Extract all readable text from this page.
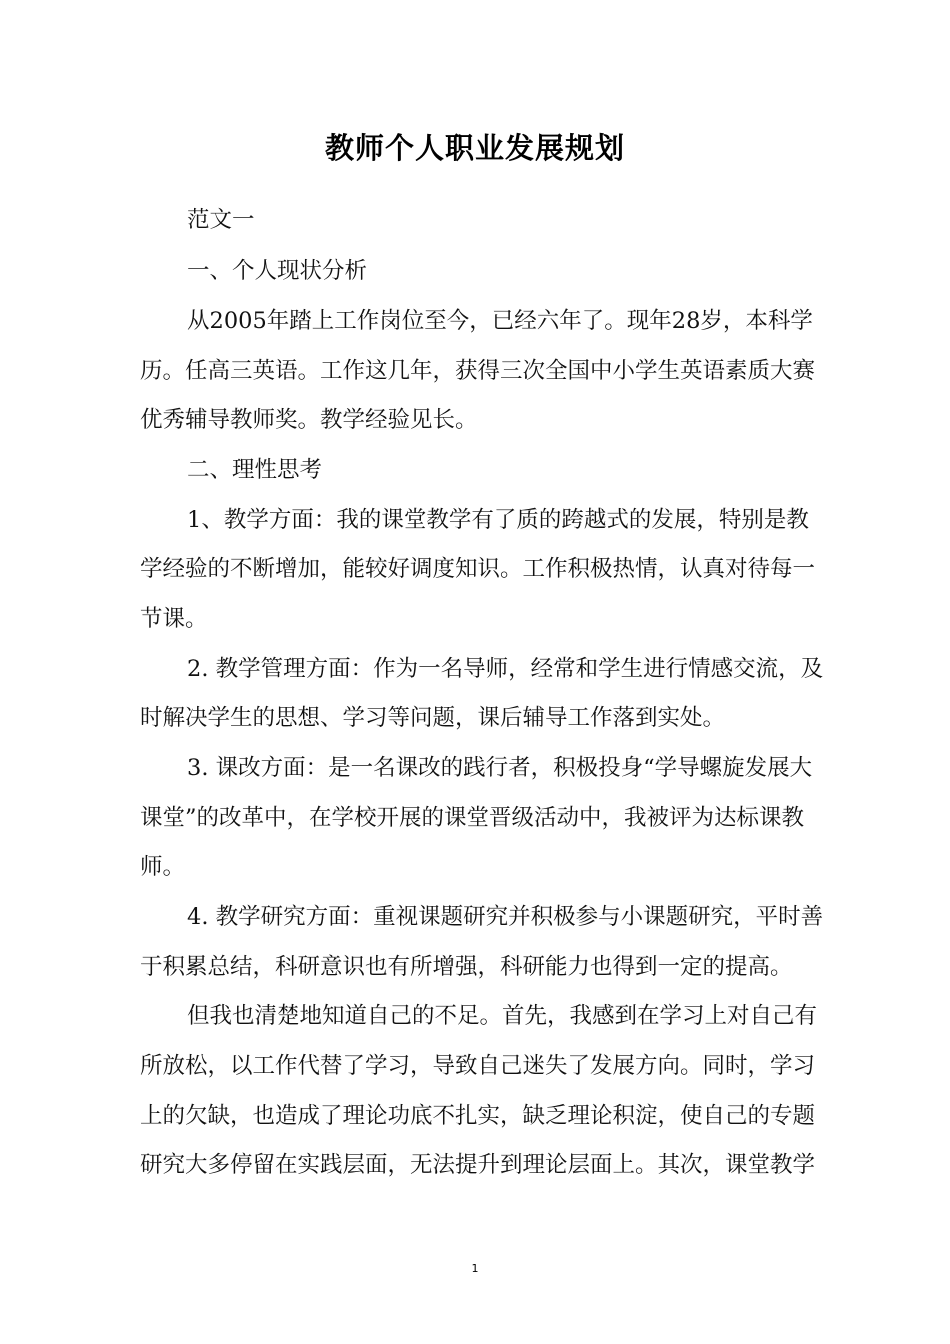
教师个人职业发展规划
范文一
一、个人现状分析
从2005年踏上工作岗位至今，已经六年了。现年28岁，本科学
历。任高三英语。工作这几年，获得三次全国中小学生英语素质大赛
优秀辅导教师奖。教学经验见长。
二、理性思考
1、教学方面：我的课堂教学有了质的跨越式的发展，特别是教
学经验的不断增加，能较好调度知识。工作积极热情，认真对待每一
节课。
2. 教学管理方面：作为一名导师，经常和学生进行情感交流，及
时解决学生的思想、学习等问题，课后辅导工作落到实处。
3. 课改方面：是一名课改的践行者，积极投身“学导螺旋发展大
课堂”的改革中，在学校开展的课堂晋级活动中，我被评为达标课教
师。
4. 教学研究方面：重视课题研究并积极参与小课题研究，平时善
于积累总结，科研意识也有所增强，科研能力也得到一定的提高。
但我也清楚地知道自己的不足。首先，我感到在学习上对自己有
所放松，以工作代替了学习，导致自己迷失了发展方向。同时，学习
上的欠缺，也造成了理论功底不扎实，缺乏理论积淀，使自己的专题
研究大多停留在实践层面，无法提升到理论层面上。其次，课堂教学
1
